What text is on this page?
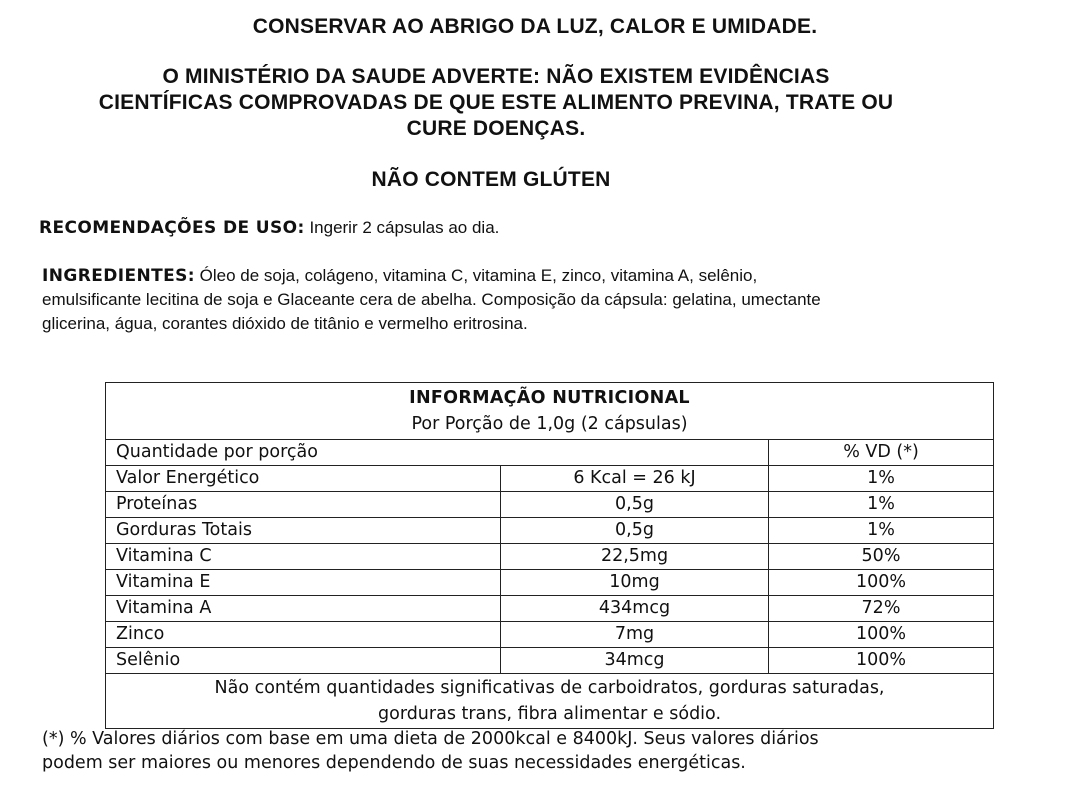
CONSERVAR AO ABRIGO DA LUZ, CALOR E UMIDADE.
O MINISTÉRIO DA SAUDE ADVERTE: NÃO EXISTEM EVIDÊNCIAS
CIENTÍFICAS COMPROVADAS DE QUE ESTE ALIMENTO PREVINA, TRATE OU
CURE DOENÇAS.
NÃO CONTEM GLÚTEN
RECOMENDAÇÕES DE USO: Ingerir 2 cápsulas ao dia.
INGREDIENTES: Óleo de soja, colágeno, vitamina C, vitamina E, zinco, vitamina A, selênio,
emulsificante lecitina de soja e Glaceante cera de abelha. Composição da cápsula: gelatina, umectante
glicerina, água, corantes dióxido de titânio e vermelho eritrosina.
INFORMAÇÃO NUTRICIONAL
Por Porção de 1,0g (2 cápsulas)		
Quantidade por porção		% VD (*)
Valor Energético	6 Kcal = 26 kJ	1%
Proteínas	0,5g	1%
Gorduras Totais	0,5g	1%
Vitamina C	22,5mg	50%
Vitamina E	10mg	100%
Vitamina A	434mcg	72%
Zinco	7mg	100%
Selênio	34mcg	100%
Não contém quantidades significativas de carboidratos, gorduras saturadas,
gorduras trans, fibra alimentar e sódio.		
(*) % Valores diários com base em uma dieta de 2000kcal e 8400kJ. Seus valores diários
podem ser maiores ou menores dependendo de suas necessidades energéticas.
